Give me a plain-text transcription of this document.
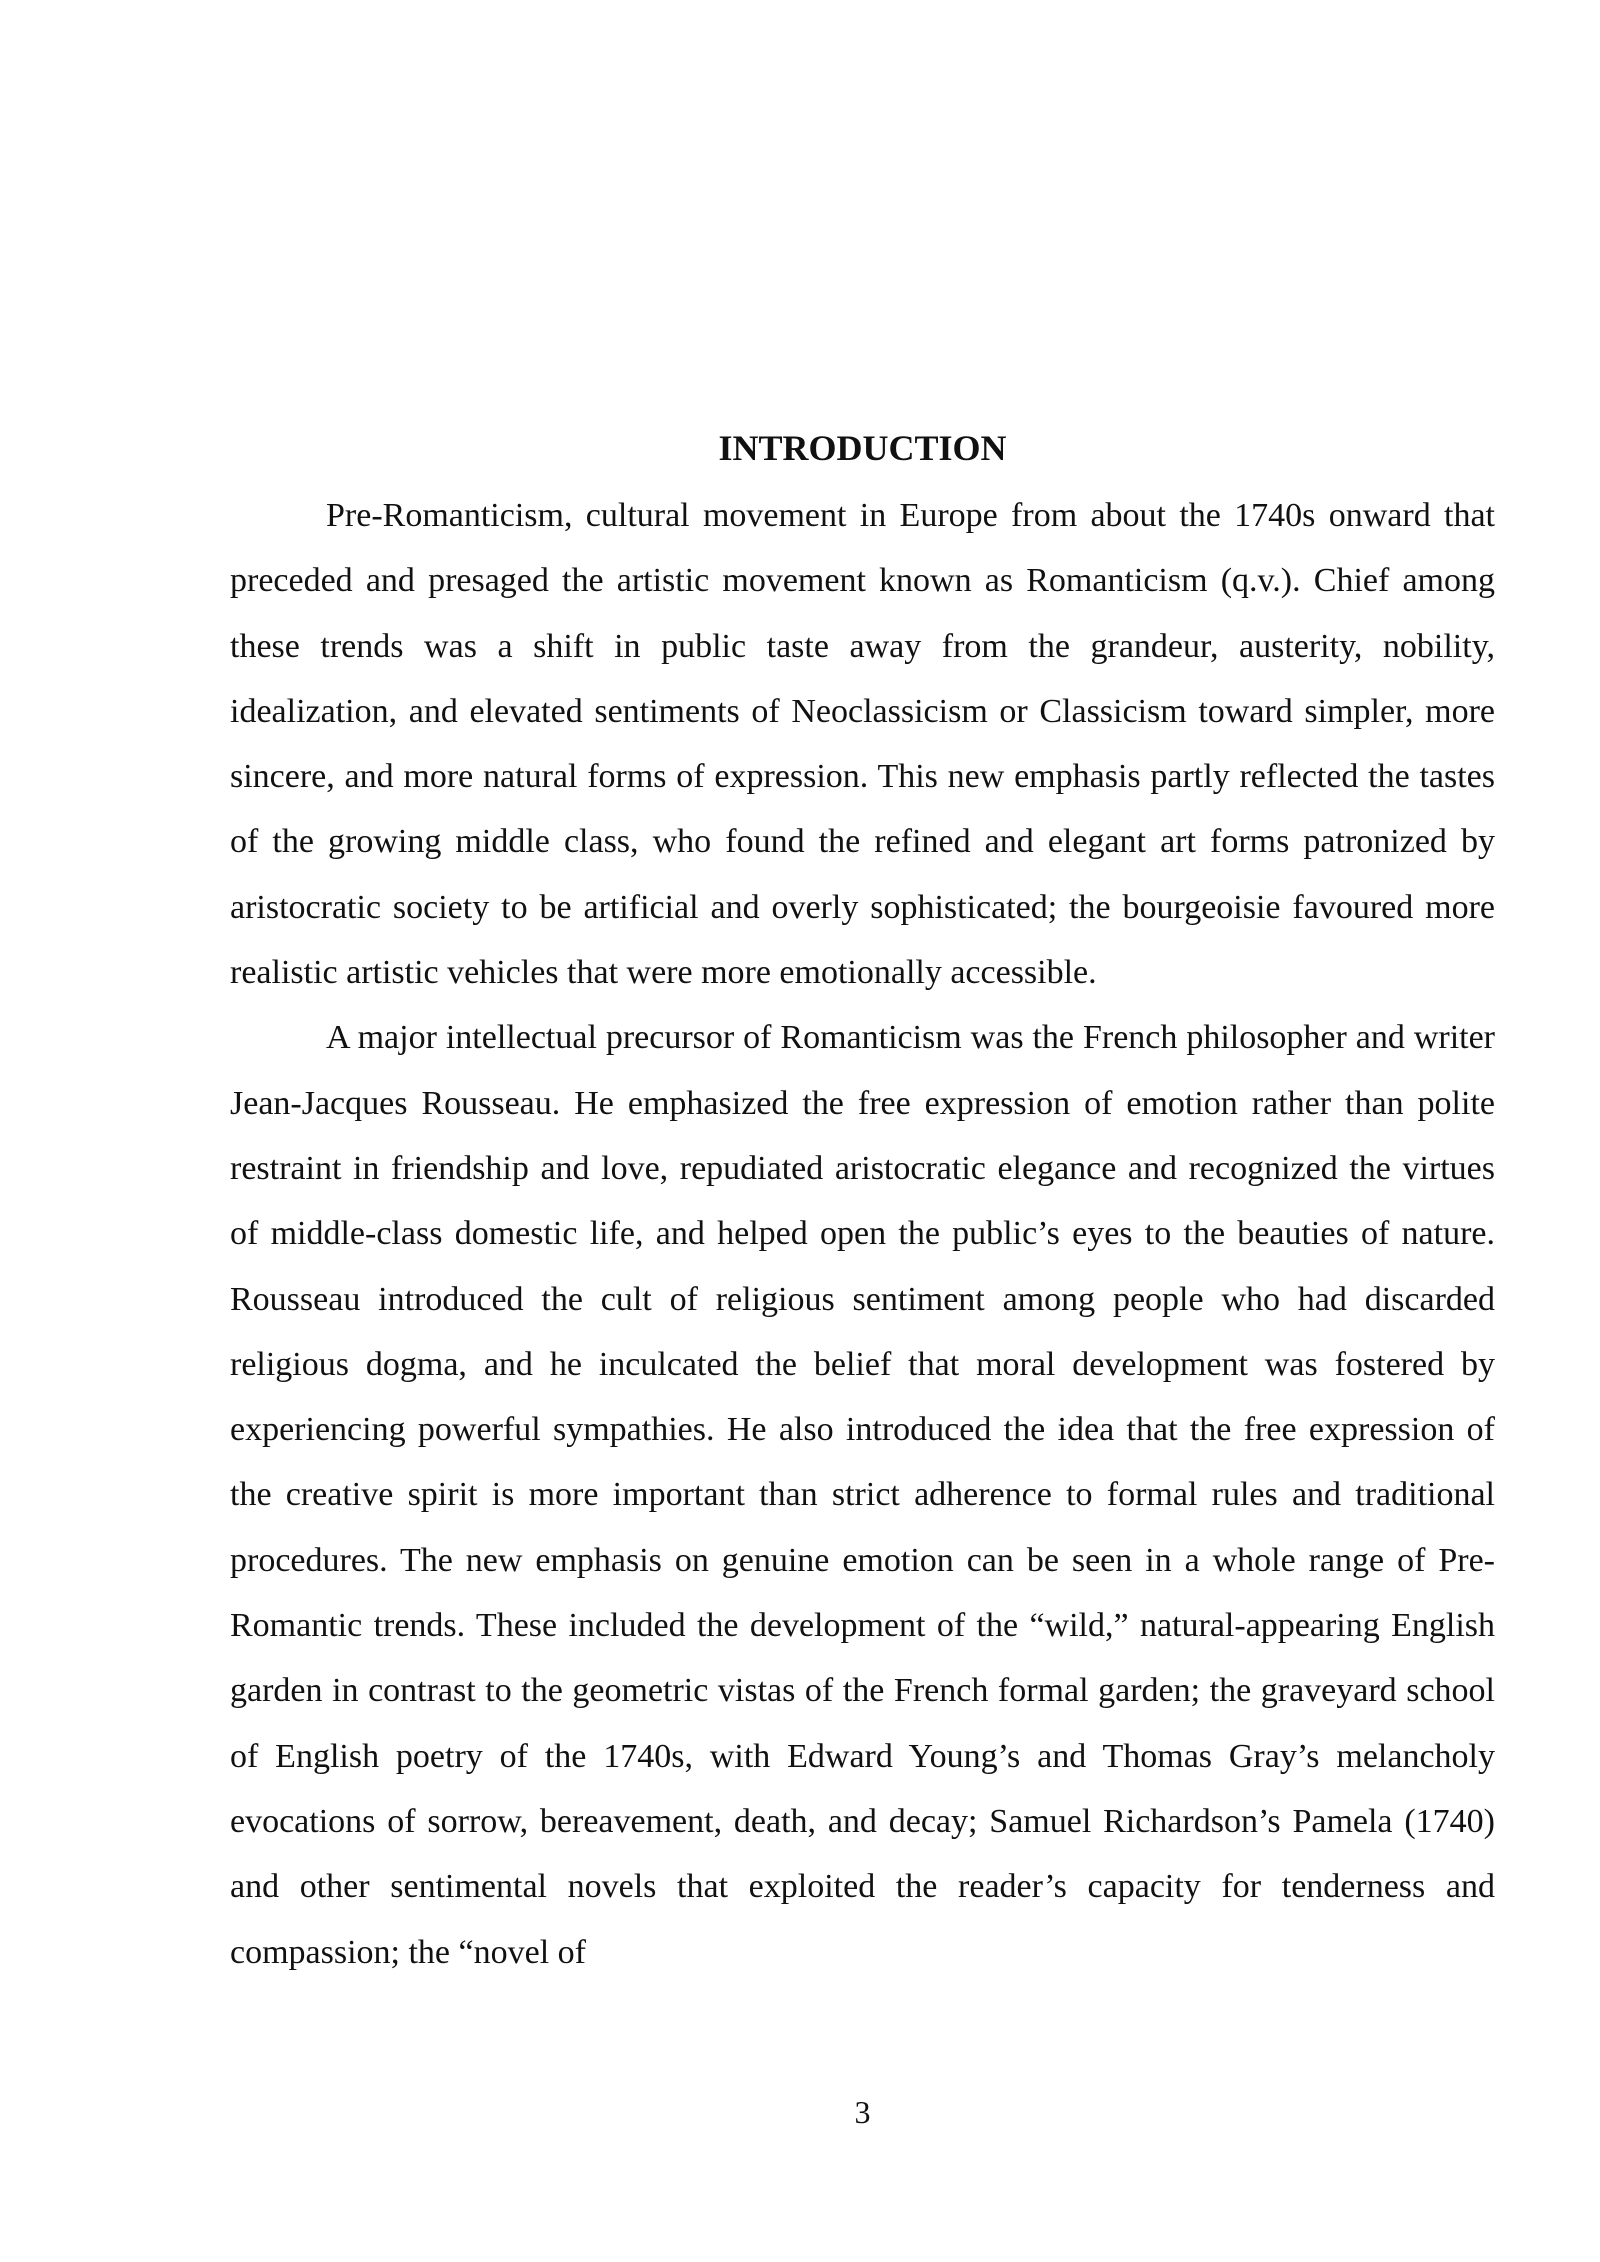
INTRODUCTION

Pre-Romanticism, cultural movement in Europe from about the 1740s onward that preceded and presaged the artistic movement known as Romanticism (q.v.). Chief among these trends was a shift in public taste away from the grandeur, austerity, nobility, idealization, and elevated sentiments of Neoclassicism or Classicism toward simpler, more sincere, and more natural forms of expression. This new emphasis partly reflected the tastes of the growing middle class, who found the refined and elegant art forms patronized by aristocratic society to be artificial and overly sophisticated; the bourgeoisie favoured more realistic artistic vehicles that were more emotionally accessible.

A major intellectual precursor of Romanticism was the French philosopher and writer Jean-Jacques Rousseau. He emphasized the free expression of emotion rather than polite restraint in friendship and love, repudiated aristocratic elegance and recognized the virtues of middle-class domestic life, and helped open the public’s eyes to the beauties of nature. Rousseau introduced the cult of religious sentiment among people who had discarded religious dogma, and he inculcated the belief that moral development was fostered by experiencing powerful sympathies. He also introduced the idea that the free expression of the creative spirit is more important than strict adherence to formal rules and traditional procedures. The new emphasis on genuine emotion can be seen in a whole range of Pre-Romantic trends. These included the development of the “wild,” natural-appearing English garden in contrast to the geometric vistas of the French formal garden; the graveyard school of English poetry of the 1740s, with Edward Young’s and Thomas Gray’s melancholy evocations of sorrow, bereavement, death, and decay; Samuel Richardson’s Pamela (1740) and other sentimental novels that exploited the reader’s capacity for tenderness and compassion; the “novel of

3
